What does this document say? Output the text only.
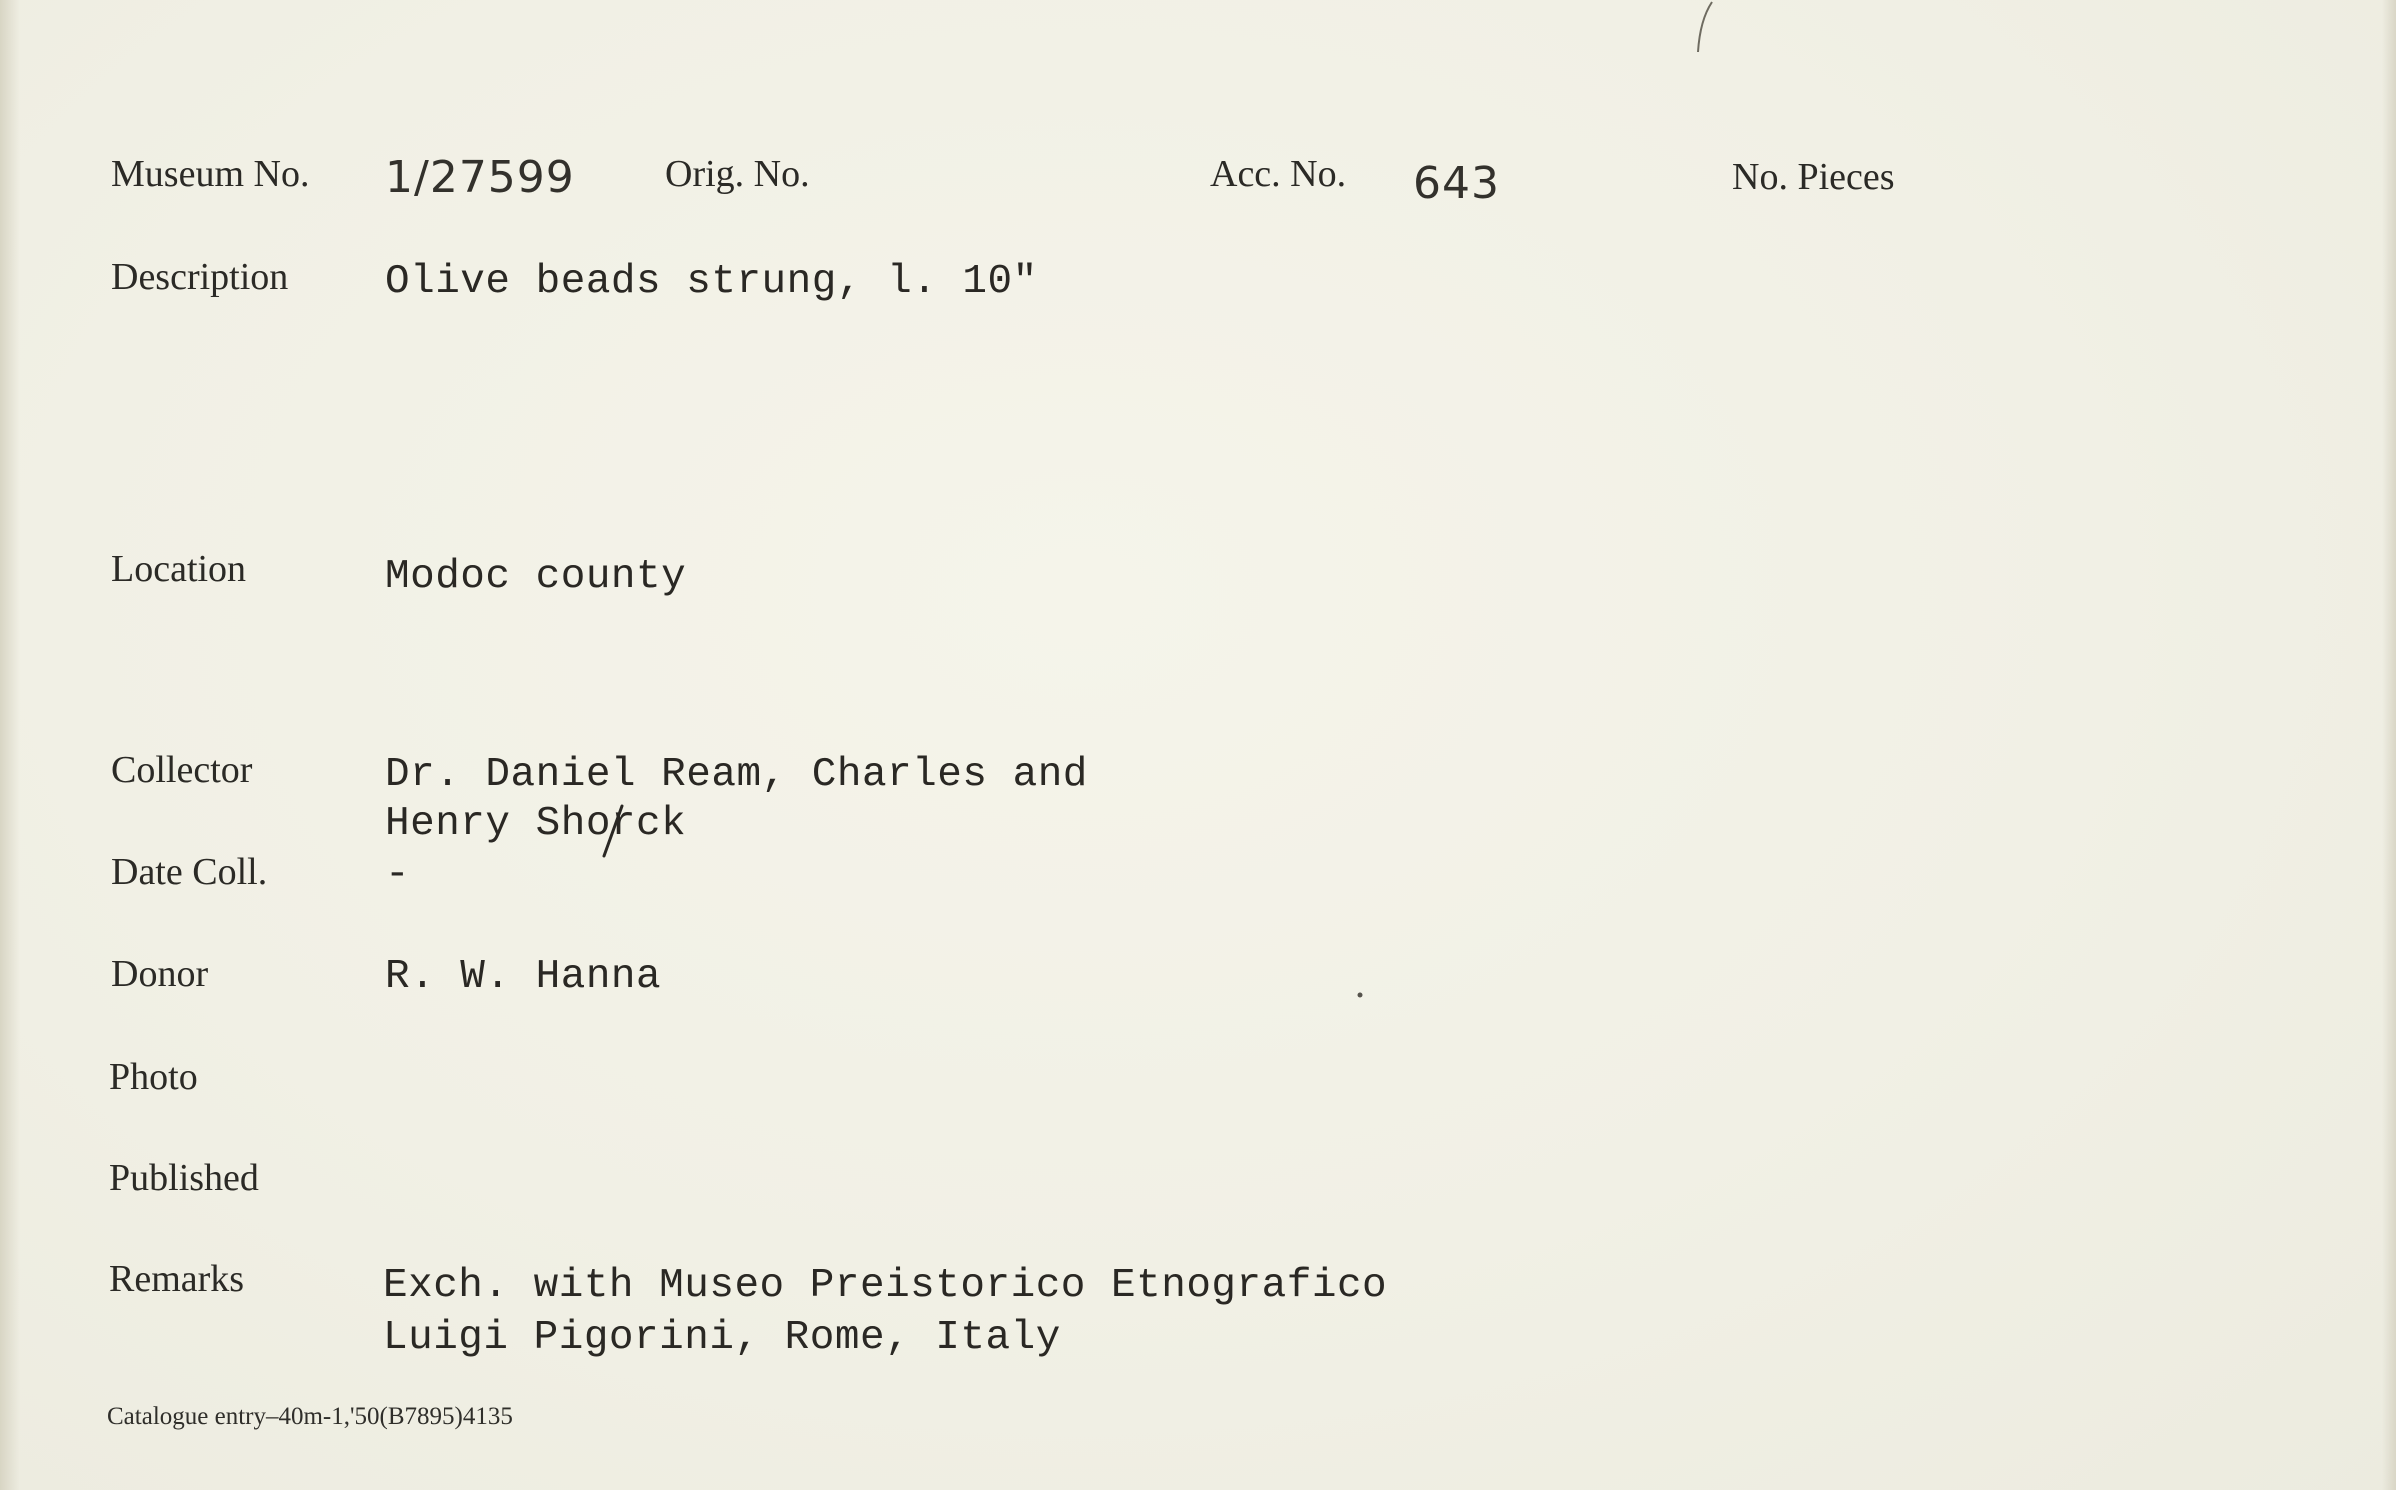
Museum No. 1/27599 Orig. No.	Acc. No. 643	No. Pieces
Description Olive beads strung, l. 10"
Location	Modoc county
Collector	Dr. Daniel Ream, Charles and
Henry Shorck
Date Coll.	-
Donor	R. W. Hanna
Photo
Published
Remarks	Exch. with Museo Preistorico Etnografico
Luigi Pigorini, Rome, Italy
Catalogue entry–40m-1,'50(B7895)4135
